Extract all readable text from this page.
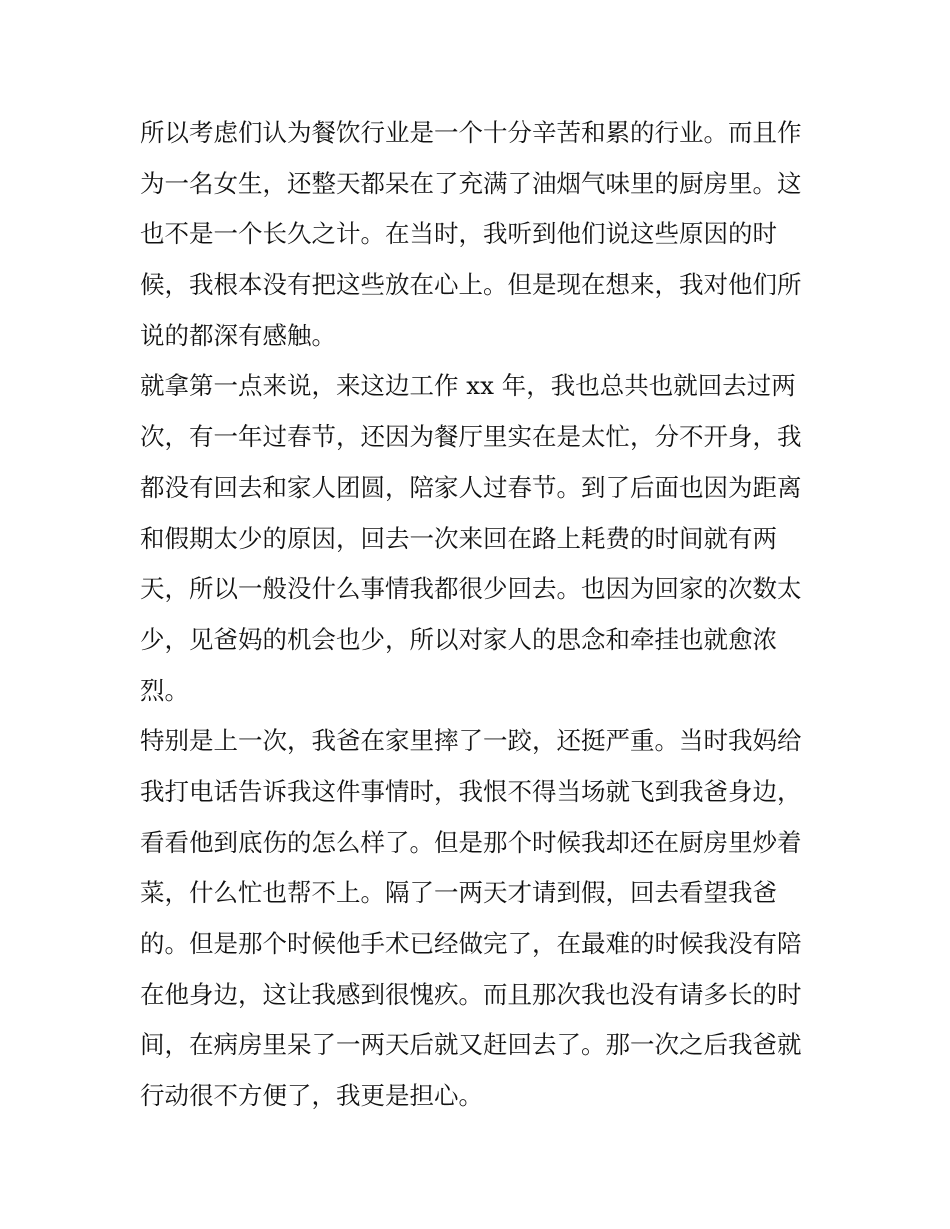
所以考虑们认为餐饮行业是一个十分辛苦和累的行业。而且作
为一名女生，还整天都呆在了充满了油烟气味里的厨房里。这
也不是一个长久之计。在当时，我听到他们说这些原因的时
候，我根本没有把这些放在心上。但是现在想来，我对他们所
说的都深有感触。
就拿第一点来说，来这边工作 xx 年，我也总共也就回去过两
次，有一年过春节，还因为餐厅里实在是太忙，分不开身，我
都没有回去和家人团圆，陪家人过春节。到了后面也因为距离
和假期太少的原因，回去一次来回在路上耗费的时间就有两
天，所以一般没什么事情我都很少回去。也因为回家的次数太
少，见爸妈的机会也少，所以对家人的思念和牵挂也就愈浓
烈。
特别是上一次，我爸在家里摔了一跤，还挺严重。当时我妈给
我打电话告诉我这件事情时，我恨不得当场就飞到我爸身边，
看看他到底伤的怎么样了。但是那个时候我却还在厨房里炒着
菜，什么忙也帮不上。隔了一两天才请到假，回去看望我爸
的。但是那个时候他手术已经做完了，在最难的时候我没有陪
在他身边，这让我感到很愧疚。而且那次我也没有请多长的时
间，在病房里呆了一两天后就又赶回去了。那一次之后我爸就
行动很不方便了，我更是担心。
